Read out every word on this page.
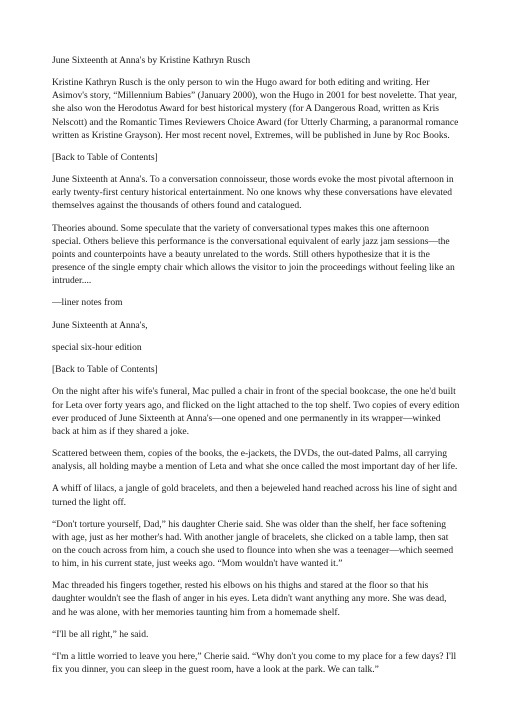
June Sixteenth at Anna's by Kristine Kathryn Rusch

Kristine Kathryn Rusch is the only person to win the Hugo award for both editing and writing. Her Asimov's story, “Millennium Babies” (January 2000), won the Hugo in 2001 for best novelette. That year, she also won the Herodotus Award for best historical mystery (for A Dangerous Road, written as Kris Nelscott) and the Romantic Times Reviewers Choice Award (for Utterly Charming, a paranormal romance written as Kristine Grayson). Her most recent novel, Extremes, will be published in June by Roc Books.

[Back to Table of Contents]

June Sixteenth at Anna's. To a conversation connoisseur, those words evoke the most pivotal afternoon in early twenty-first century historical entertainment. No one knows why these conversations have elevated themselves against the thousands of others found and catalogued.

Theories abound. Some speculate that the variety of conversational types makes this one afternoon special. Others believe this performance is the conversational equivalent of early jazz jam sessions—the points and counterpoints have a beauty unrelated to the words. Still others hypothesize that it is the presence of the single empty chair which allows the visitor to join the proceedings without feeling like an intruder....

—liner notes from

June Sixteenth at Anna's,

special six-hour edition

[Back to Table of Contents]

On the night after his wife's funeral, Mac pulled a chair in front of the special bookcase, the one he'd built for Leta over forty years ago, and flicked on the light attached to the top shelf. Two copies of every edition ever produced of June Sixteenth at Anna's—one opened and one permanently in its wrapper—winked back at him as if they shared a joke.

Scattered between them, copies of the books, the e-jackets, the DVDs, the out-dated Palms, all carrying analysis, all holding maybe a mention of Leta and what she once called the most important day of her life.

A whiff of lilacs, a jangle of gold bracelets, and then a bejeweled hand reached across his line of sight and turned the light off.

“Don't torture yourself, Dad,” his daughter Cherie said. She was older than the shelf, her face softening with age, just as her mother's had. With another jangle of bracelets, she clicked on a table lamp, then sat on the couch across from him, a couch she used to flounce into when she was a teenager—which seemed to him, in his current state, just weeks ago. “Mom wouldn't have wanted it.”

Mac threaded his fingers together, rested his elbows on his thighs and stared at the floor so that his daughter wouldn't see the flash of anger in his eyes. Leta didn't want anything any more. She was dead, and he was alone, with her memories taunting him from a homemade shelf.

“I'll be all right,” he said.

“I'm a little worried to leave you here,” Cherie said. “Why don't you come to my place for a few days? I'll fix you dinner, you can sleep in the guest room, have a look at the park. We can talk.”
